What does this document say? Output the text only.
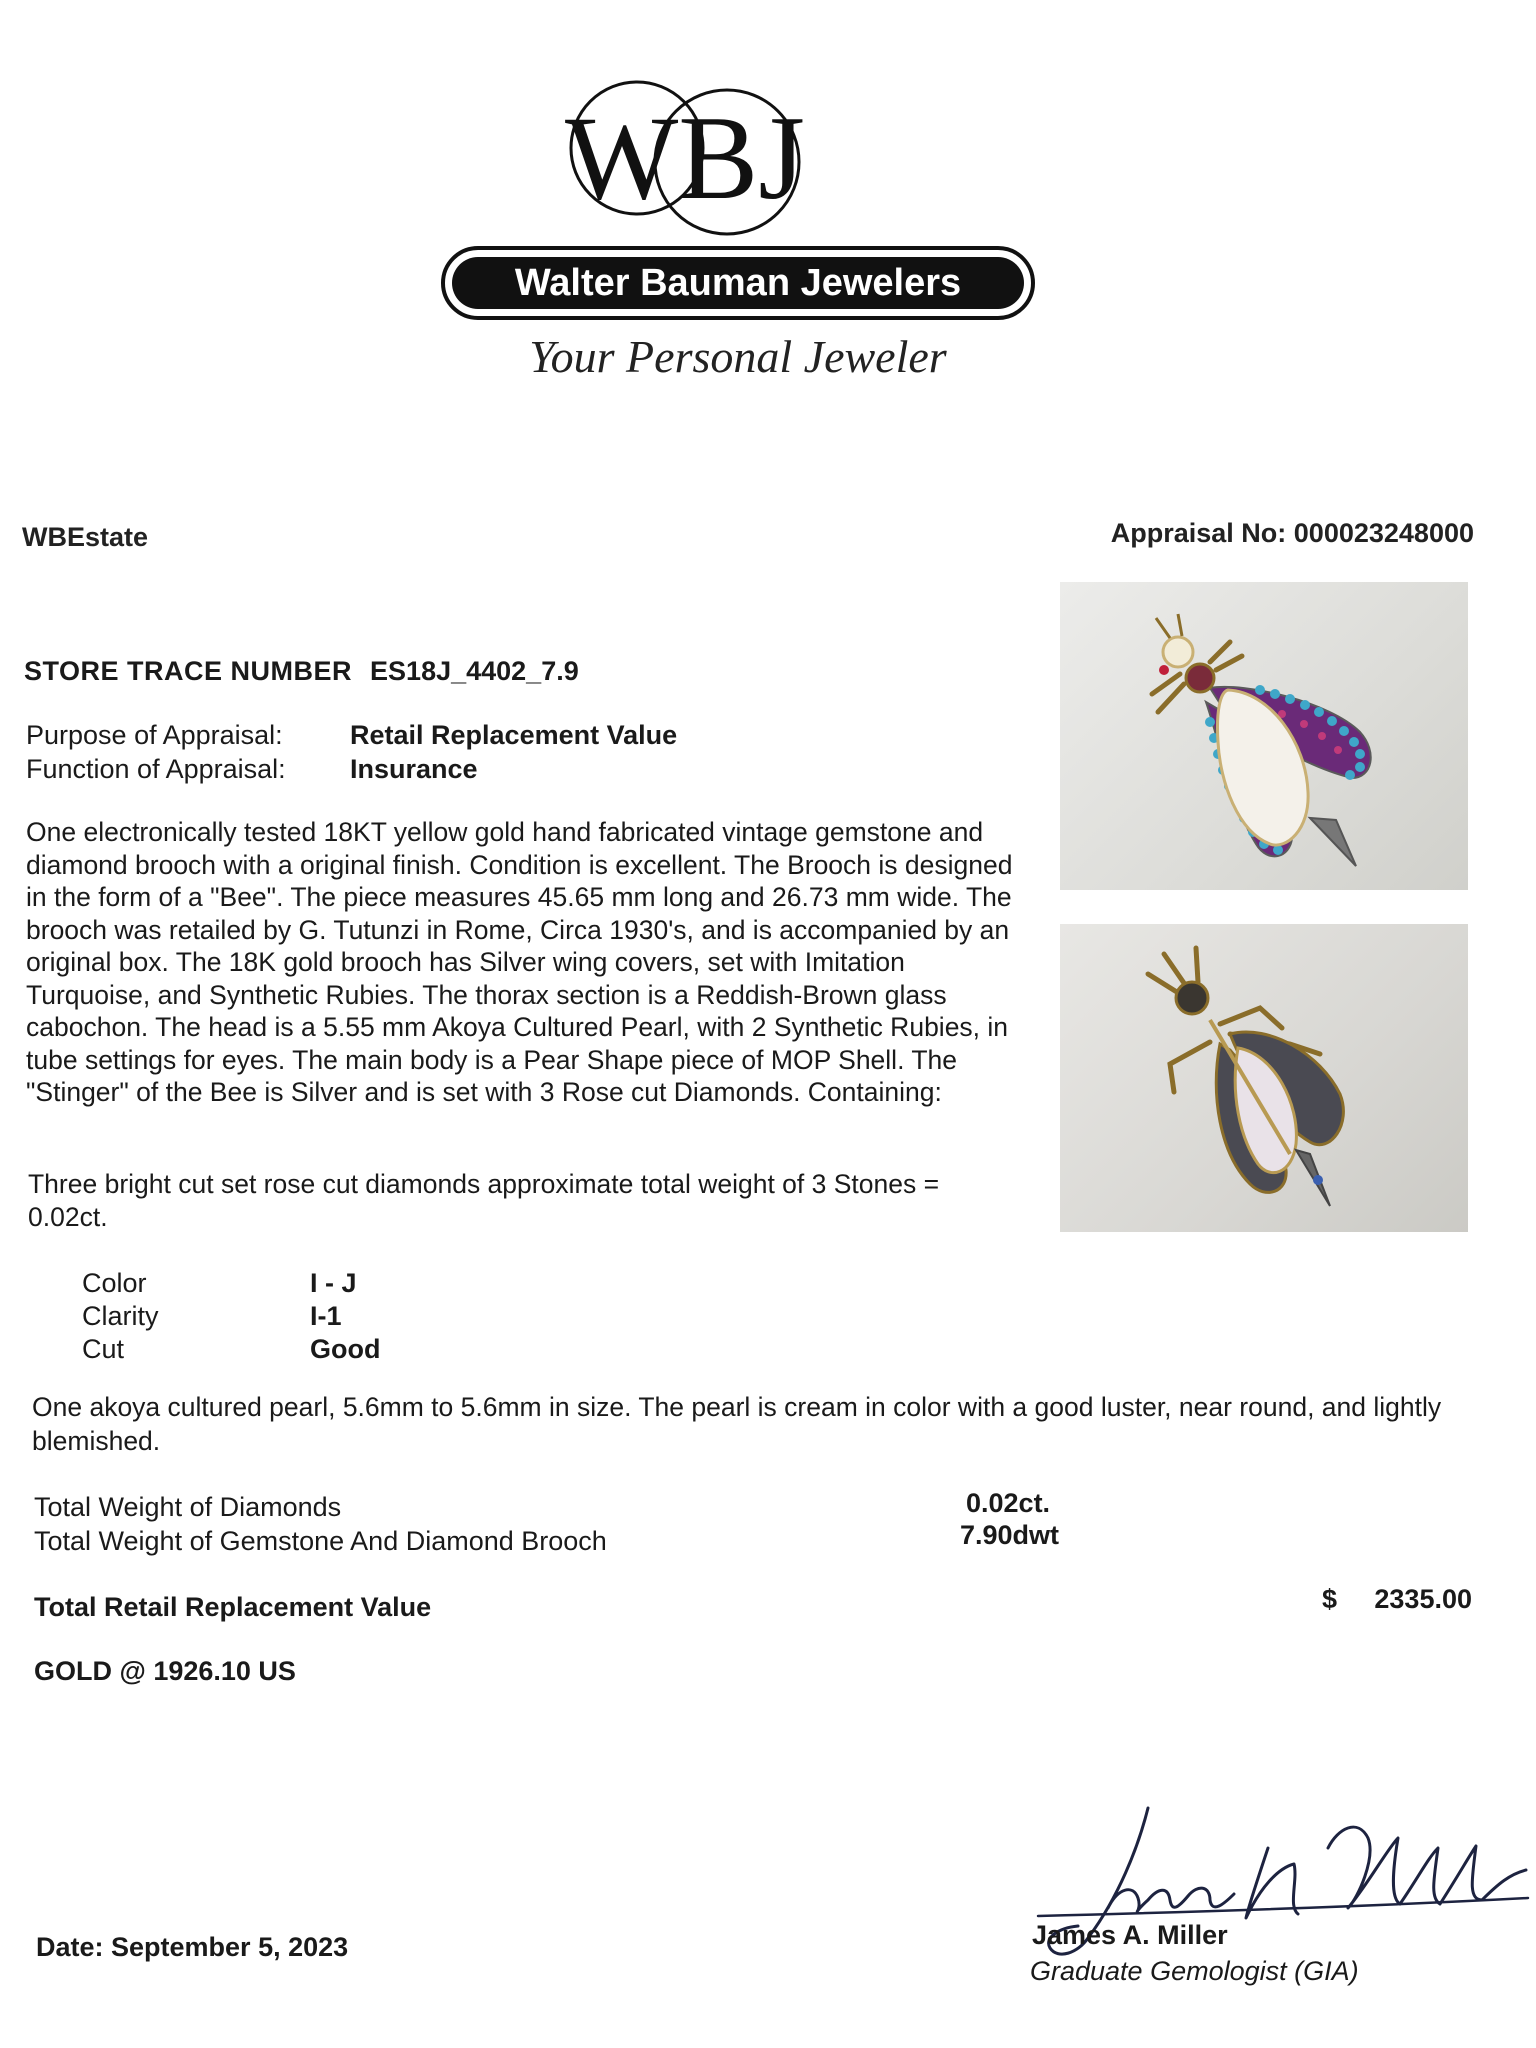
WBJ
Walter Bauman Jewelers
Your Personal Jeweler
WBEstate	Appraisal No: 000023248000
STORE TRACE NUMBER ES18J_4402_7.9
Purpose of Appraisal: Retail Replacement Value
Function of Appraisal: Insurance
One electronically tested 18KT yellow gold hand fabricated vintage gemstone and diamond brooch with a original finish. Condition is excellent. The Brooch is designed in the form of a "Bee". The piece measures 45.65 mm long and 26.73 mm wide. The brooch was retailed by G. Tutunzi in Rome, Circa 1930's, and is accompanied by an original box. The 18K gold brooch has Silver wing covers, set with Imitation Turquoise, and Synthetic Rubies. The thorax section is a Reddish-Brown glass cabochon. The head is a 5.55 mm Akoya Cultured Pearl, with 2 Synthetic Rubies, in tube settings for eyes. The main body is a Pear Shape piece of MOP Shell. The "Stinger" of the Bee is Silver and is set with 3 Rose cut Diamonds. Containing:
Three bright cut set rose cut diamonds approximate total weight of 3 Stones = 0.02ct.
Color	I - J
Clarity	I-1
Cut	Good
One akoya cultured pearl, 5.6mm to 5.6mm in size. The pearl is cream in color with a good luster, near round, and lightly blemished.
Total Weight of Diamonds	0.02ct.
Total Weight of Gemstone And Diamond Brooch	7.90dwt
Total Retail Replacement Value	$ 2335.00
GOLD @ 1926.10 US
Date: September 5, 2023	James A. Miller
Graduate Gemologist (GIA)
